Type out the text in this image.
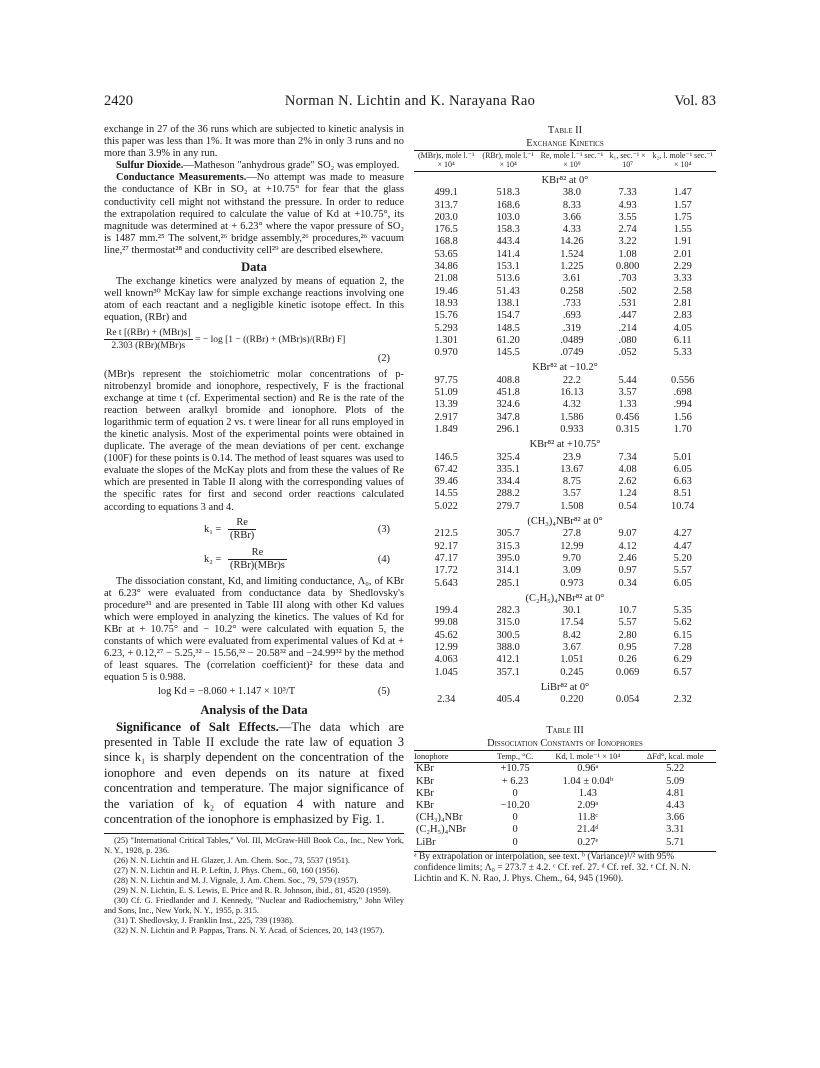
2420	Norman N. Lichtin and K. Narayana Rao	Vol. 83

exchange in 27 of the 36 runs which are subjected to kinetic analysis in this paper was less than 1%. It was more than 2% in only 3 runs and no more than 3.9% in any run.

Sulfur Dioxide.—Matheson "anhydrous grade" SO₂ was employed.

Conductance Measurements.—No attempt was made to measure the conductance of KBr in SO₂ at +10.75° for fear that the glass conductivity cell might not withstand the pressure. In order to reduce the extrapolation required to calculate the value of Kd at +10.75°, its magnitude was determined at + 6.23° where the vapor pressure of SO₂ is 1487 mm.²⁵ The solvent,²⁶ bridge assembly,²⁶ procedures,²⁶ vacuum line,²⁷ thermostat²⁸ and conductivity cell²⁹ are described elsewhere.

Data

The exchange kinetics were analyzed by means of equation 2, the well known³⁰ McKay law for simple exchange reactions involving one atom of each reactant and a negligible kinetic isotope effect. In this equation, (RBr) and

$\frac{\text{Re t [(RBr) + (MBr)s]}}{\text{2.303 (RBr)(MBr)s}}$ = − log [1 − ((RBr) + (MBr)s)/(RBr) F]
(2)

(MBr)s represent the stoichiometric molar concentrations of p-nitrobenzyl bromide and ionophore, respectively, F is the fractional exchange at time t (cf. Experimental section) and Re is the rate of the reaction between aralkyl bromide and ionophore. Plots of the logarithmic term of equation 2 vs. t were linear for all runs employed in the kinetic analysis. Most of the experimental points were obtained in duplicate. The average of the mean deviations of per cent. exchange (100F) for these points is 0.14. The method of least squares was used to evaluate the slopes of the McKay plots and from these the values of Re which are presented in Table II along with the corresponding values of the specific rates for first and second order reactions calculated according to equations 3 and 4.

k₁ =
Re
(RBr)
(3)
k₂ =
Re
(RBr)(MBr)s
(4)

The dissociation constant, Kd, and limiting conductance, Λ₀, of KBr at 6.23° were evaluated from conductance data by Shedlovsky's procedure³¹ and are presented in Table III along with other Kd values which were employed in analyzing the kinetics. The values of Kd for KBr at + 10.75° and − 10.2° were calculated with equation 5, the constants of which were evaluated from experimental values of Kd at + 6.23, + 0.12,²⁷ − 5.25,³² − 15.56,³² − 20.58³² and −24.99³² by the method of least squares. The (correlation coefficient)² for these data and equation 5 is 0.988.

log Kd = −8.060 + 1.147 × 10³/T	(5)
Analysis of the Data

Significance of Salt Effects.—The data which are presented in Table II exclude the rate law of equation 3 since k₁ is sharply dependent on the concentration of the ionophore and even depends on its nature at fixed concentration and temperature. The major significance of the variation of k₂ of equation 4 with nature and concentration of the ionophore is emphasized by Fig. 1.

(25) "International Critical Tables," Vol. III, McGraw-Hill Book Co., Inc., New York, N. Y., 1928, p. 236.
(26) N. N. Lichtin and H. Glazer, J. Am. Chem. Soc., 73, 5537 (1951).
(27) N. N. Lichtin and H. P. Leftin, J. Phys. Chem., 60, 160 (1956).
(28) N. N. Lichtin and M. J. Vignale, J. Am. Chem. Soc., 79, 579 (1957).
(29) N. N. Lichtin, E. S. Lewis, E. Price and R. R. Johnson, ibid., 81, 4520 (1959).
(30) Cf. G. Friedlander and J. Kennedy, "Nuclear and Radiochemistry," John Wiley and Sons, Inc., New York, N. Y., 1955, p. 315.
(31) T. Shedlovsky, J. Franklin Inst., 225, 739 (1938).
(32) N. N. Lichtin and P. Pappas, Trans. N. Y. Acad. of Sciences, 20, 143 (1957).
Table II
Exchange Kinetics
(MBr)s, mole l.⁻¹ × 10⁴	(RBr), mole l.⁻¹ × 10⁴	Re, mole l.⁻¹ sec.⁻¹ × 10⁹	k₁, sec.⁻¹ × 10⁷	k₂, l. mole⁻¹ sec.⁻¹ × 10⁴
KBr⁸² at 0°				
499.1	518.3	38.0	7.33	1.47
313.7	168.6	8.33	4.93	1.57
203.0	103.0	3.66	3.55	1.75
176.5	158.3	4.33	2.74	1.55
168.8	443.4	14.26	3.22	1.91
53.65	141.4	1.524	1.08	2.01
34.86	153.1	1.225	0.800	2.29
21.08	513.6	3.61	.703	3.33
19.46	51.43	0.258	.502	2.58
18.93	138.1	.733	.531	2.81
15.76	154.7	.693	.447	2.83
5.293	148.5	.319	.214	4.05
1.301	61.20	.0489	.080	6.11
0.970	145.5	.0749	.052	5.33
KBr⁸² at −10.2°				
97.75	408.8	22.2	5.44	0.556
51.09	451.8	16.13	3.57	.698
13.39	324.6	4.32	1.33	.994
2.917	347.8	1.586	0.456	1.56
1.849	296.1	0.933	0.315	1.70
KBr⁸² at +10.75°				
146.5	325.4	23.9	7.34	5.01
67.42	335.1	13.67	4.08	6.05
39.46	334.4	8.75	2.62	6.63
14.55	288.2	3.57	1.24	8.51
5.022	279.7	1.508	0.54	10.74
(CH₃)₄NBr⁸² at 0°				
212.5	305.7	27.8	9.07	4.27
92.17	315.3	12.99	4.12	4.47
47.17	395.0	9.70	2.46	5.20
17.72	314.1	3.09	0.97	5.57
5.643	285.1	0.973	0.34	6.05
(C₂H₅)₄NBr⁸² at 0°				
199.4	282.3	30.1	10.7	5.35
99.08	315.0	17.54	5.57	5.62
45.62	300.5	8.42	2.80	6.15
12.99	388.0	3.67	0.95	7.28
4.063	412.1	1.051	0.26	6.29
1.045	357.1	0.245	0.069	6.57
LiBr⁸² at 0°				
2.34	405.4	0.220	0.054	2.32
Table III
Dissociation Constants of Ionophores
Ionophore	Temp., °C.	Kd, l. mole⁻¹ × 10⁴	ΔFd°, kcal. mole
KBr	+10.75	0.96ᵃ	5.22
KBr	+ 6.23	1.04 ± 0.04ᵇ	5.09
KBr	0	1.43	4.81
KBr	−10.20	2.09ᵃ	4.43
(CH₃)₄NBr	0	11.8ᶜ	3.66
(C₂H₅)₄NBr	0	21.4ᵈ	3.31
LiBr	0	0.27ᵉ	5.71
ᵃ By extrapolation or interpolation, see text. ᵇ (Variance)¹/² with 95% confidence limits; Λ₀ = 273.7 ± 4.2. ᶜ Cf. ref. 27. ᵈ Cf. ref. 32. ᵉ Cf. N. N. Lichtin and K. N. Rao, J. Phys. Chem., 64, 945 (1960).
